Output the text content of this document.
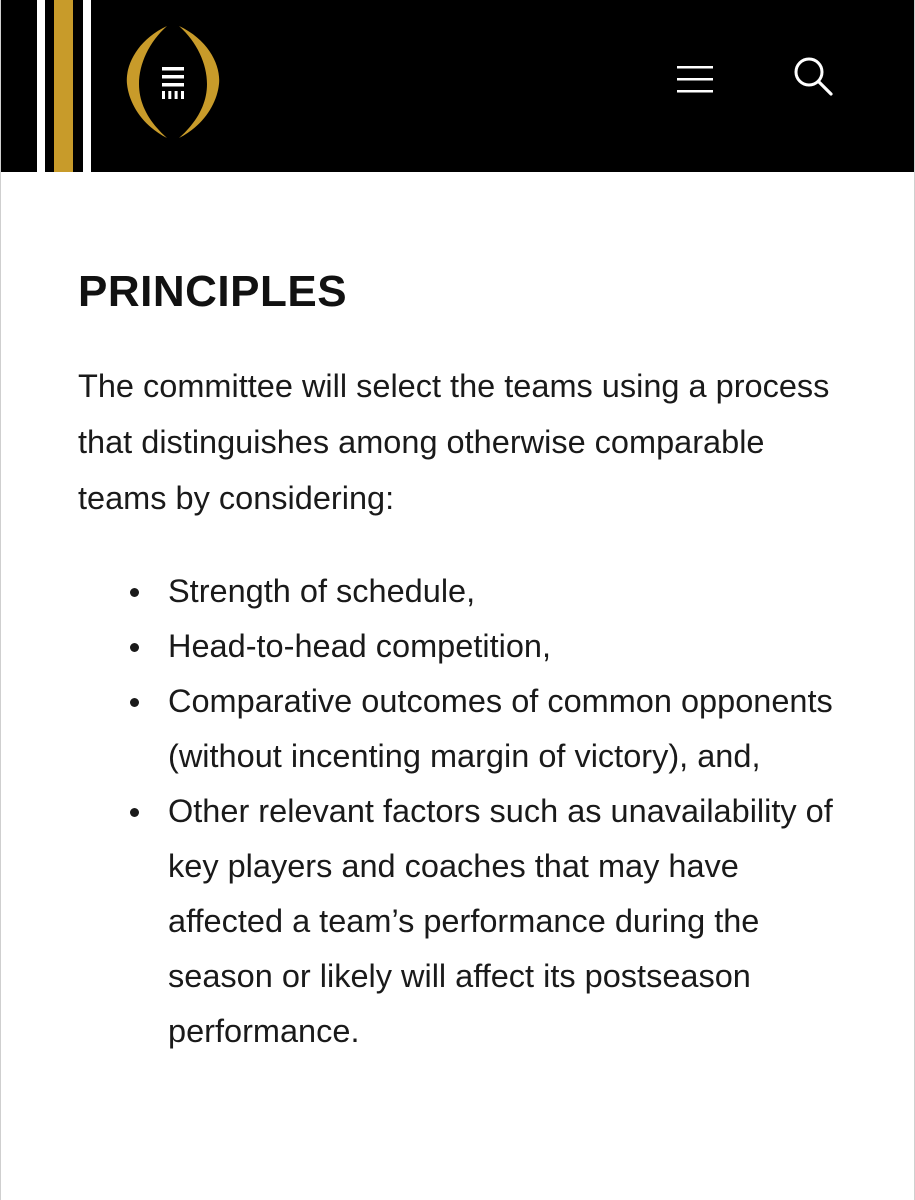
PRINCIPLES

The committee will select the teams using a process that distinguishes among otherwise comparable teams by considering:

Strength of schedule,
Head-to-head competition,
Comparative outcomes of common opponents (without incenting margin of victory), and,
Other relevant factors such as unavailability of key players and coaches that may have affected a team’s performance during the season or likely will affect its postseason performance.
